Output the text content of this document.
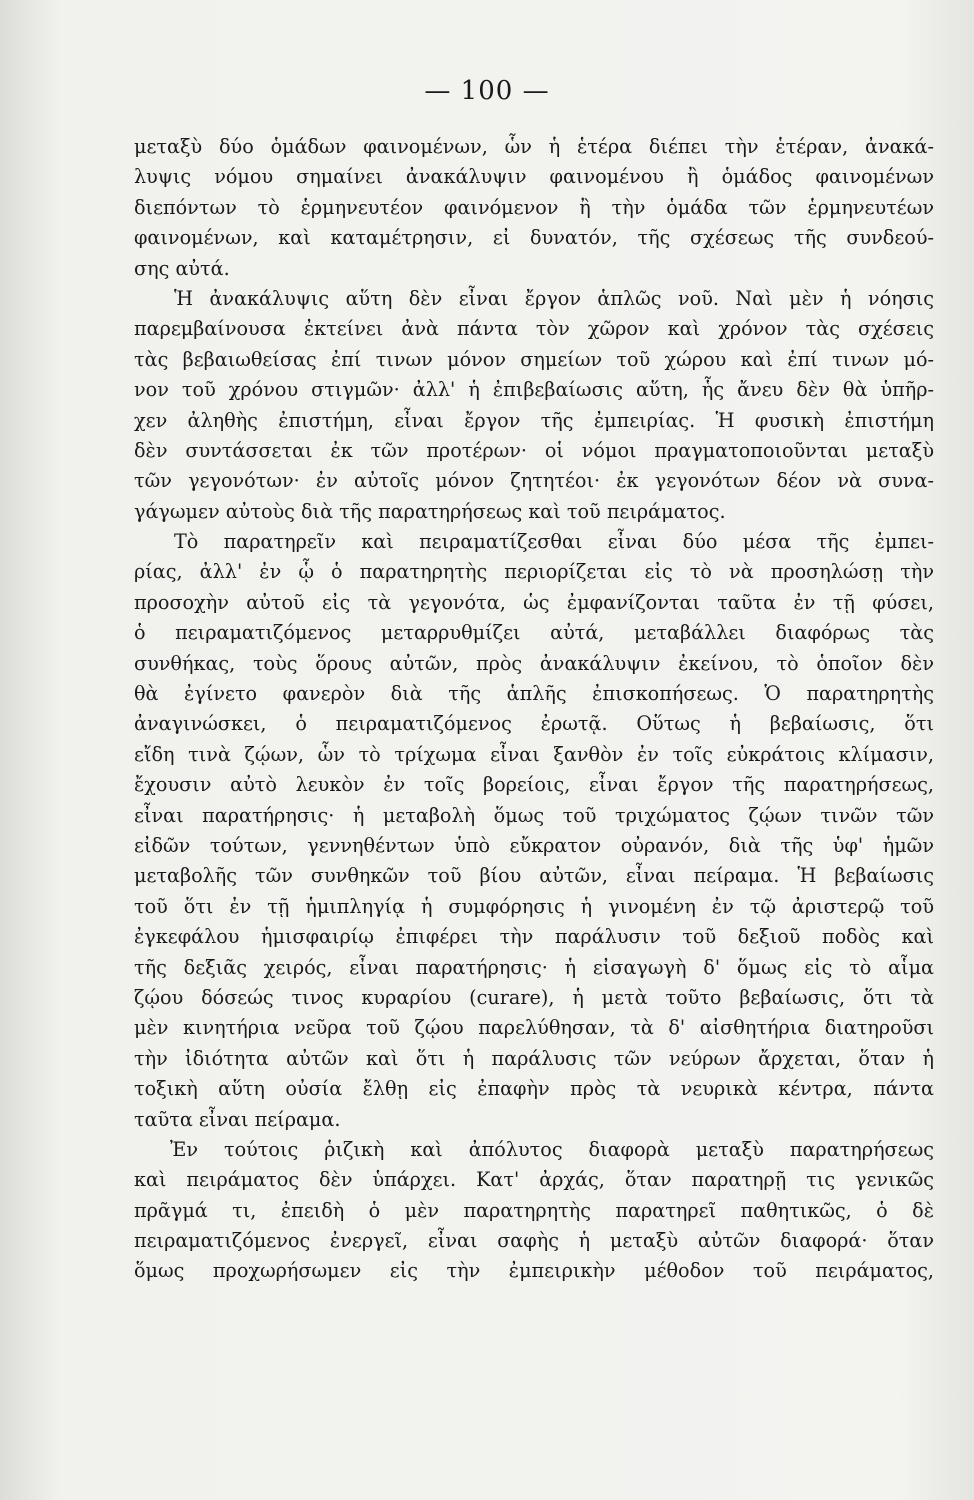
— 100 —
μεταξὺ δύο ὁμάδων φαινομένων, ὧν ἡ ἑτέρα διέπει τὴν ἑτέραν, ἀνακά-
λυψις νόμου σημαίνει ἀνακάλυψιν φαινομένου ἢ ὁμάδος φαινομένων
διεπόντων τὸ ἑρμηνευτέον φαινόμενον ἢ τὴν ὁμάδα τῶν ἑρμηνευτέων
φαινομένων, καὶ καταμέτρησιν, εἰ δυνατόν, τῆς σχέσεως τῆς συνδεού-
σης αὐτά.
Ἡ ἀνακάλυψις αὕτη δὲν εἶναι ἔργον ἁπλῶς νοῦ. Ναὶ μὲν ἡ νόησις
παρεμβαίνουσα ἐκτείνει ἀνὰ πάντα τὸν χῶρον καὶ χρόνον τὰς σχέσεις
τὰς βεβαιωθείσας ἐπί τινων μόνον σημείων τοῦ χώρου καὶ ἐπί τινων μό-
νον τοῦ χρόνου στιγμῶν· ἀλλ' ἡ ἐπιβεβαίωσις αὕτη, ἧς ἄνευ δὲν θὰ ὑπῆρ-
χεν ἀληθὴς ἐπιστήμη, εἶναι ἔργον τῆς ἐμπειρίας. Ἡ φυσικὴ ἐπιστήμη
δὲν συντάσσεται ἐκ τῶν προτέρων· οἱ νόμοι πραγματοποιοῦνται μεταξὺ
τῶν γεγονότων· ἐν αὐτοῖς μόνον ζητητέοι· ἐκ γεγονότων δέον νὰ συνα-
γάγωμεν αὐτοὺς διὰ τῆς παρατηρήσεως καὶ τοῦ πειράματος.
Τὸ παρατηρεῖν καὶ πειραματίζεσθαι εἶναι δύο μέσα τῆς ἐμπει-
ρίας, ἀλλ' ἐν ᾧ ὁ παρατηρητὴς περιορίζεται εἰς τὸ νὰ προσηλώσῃ τὴν
προσοχὴν αὐτοῦ εἰς τὰ γεγονότα, ὡς ἐμφανίζονται ταῦτα ἐν τῇ φύσει,
ὁ πειραματιζόμενος μεταρρυθμίζει αὐτά, μεταβάλλει διαφόρως τὰς
συνθήκας, τοὺς ὅρους αὐτῶν, πρὸς ἀνακάλυψιν ἐκείνου, τὸ ὁποῖον δὲν
θὰ ἐγίνετο φανερὸν διὰ τῆς ἁπλῆς ἐπισκοπήσεως. Ὁ παρατηρητὴς
ἀναγινώσκει, ὁ πειραματιζόμενος ἐρωτᾷ. Οὕτως ἡ βεβαίωσις, ὅτι
εἴδη τινὰ ζῴων, ὧν τὸ τρίχωμα εἶναι ξανθὸν ἐν τοῖς εὐκράτοις κλίμασιν,
ἔχουσιν αὐτὸ λευκὸν ἐν τοῖς βορείοις, εἶναι ἔργον τῆς παρατηρήσεως,
εἶναι παρατήρησις· ἡ μεταβολὴ ὅμως τοῦ τριχώματος ζῴων τινῶν τῶν
εἰδῶν τούτων, γεννηθέντων ὑπὸ εὔκρατον οὐρανόν, διὰ τῆς ὑφ' ἡμῶν
μεταβολῆς τῶν συνθηκῶν τοῦ βίου αὐτῶν, εἶναι πείραμα. Ἡ βεβαίωσις
τοῦ ὅτι ἐν τῇ ἡμιπληγίᾳ ἡ συμφόρησις ἡ γινομένη ἐν τῷ ἀριστερῷ τοῦ
ἐγκεφάλου ἡμισφαιρίῳ ἐπιφέρει τὴν παράλυσιν τοῦ δεξιοῦ ποδὸς καὶ
τῆς δεξιᾶς χειρός, εἶναι παρατήρησις· ἡ εἰσαγωγὴ δ' ὅμως εἰς τὸ αἷμα
ζῴου δόσεώς τινος κυραρίου (curare), ἡ μετὰ τοῦτο βεβαίωσις, ὅτι τὰ
μὲν κινητήρια νεῦρα τοῦ ζῴου παρελύθησαν, τὰ δ' αἰσθητήρια διατηροῦσι
τὴν ἰδιότητα αὐτῶν καὶ ὅτι ἡ παράλυσις τῶν νεύρων ἄρχεται, ὅταν ἡ
τοξικὴ αὕτη οὐσία ἔλθῃ εἰς ἐπαφὴν πρὸς τὰ νευρικὰ κέντρα, πάντα
ταῦτα εἶναι πείραμα.
Ἐν τούτοις ῥιζικὴ καὶ ἀπόλυτος διαφορὰ μεταξὺ παρατηρήσεως
καὶ πειράματος δὲν ὑπάρχει. Κατ' ἀρχάς, ὅταν παρατηρῇ τις γενικῶς
πρᾶγμά τι, ἐπειδὴ ὁ μὲν παρατηρητὴς παρατηρεῖ παθητικῶς, ὁ δὲ
πειραματιζόμενος ἐνεργεῖ, εἶναι σαφὴς ἡ μεταξὺ αὐτῶν διαφορά· ὅταν
ὅμως προχωρήσωμεν εἰς τὴν ἐμπειρικὴν μέθοδον τοῦ πειράματος,
